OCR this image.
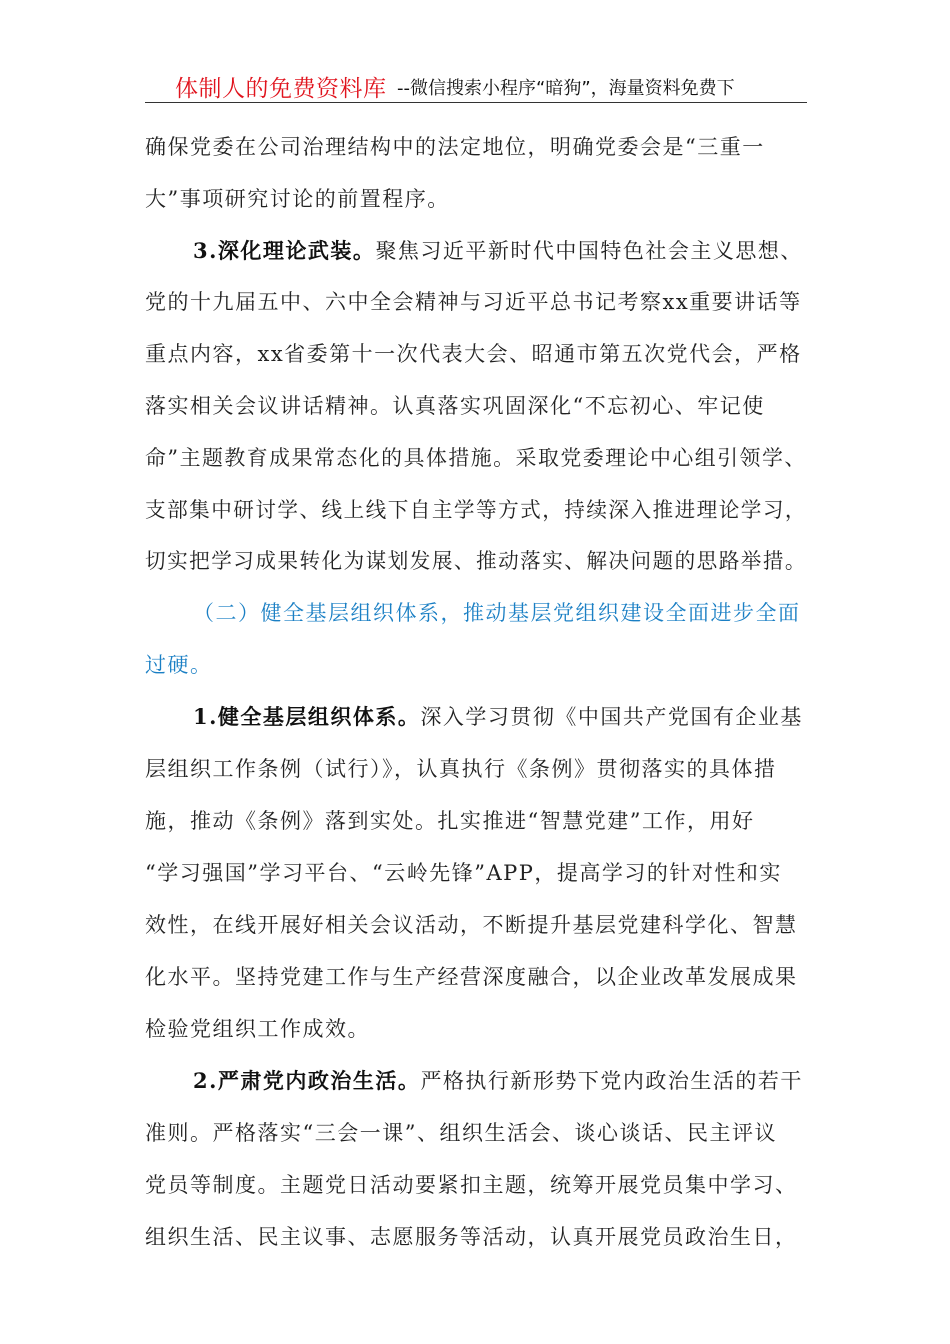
体制人的免费资料库 --微信搜索小程序“暗狗”，海量资料免费下
确保党委在公司治理结构中的法定地位，明确党委会是“三重一
大”事项研究讨论的前置程序。
3.深化理论武装。聚焦习近平新时代中国特色社会主义思想、
党的十九届五中、六中全会精神与习近平总书记考察xx重要讲话等
重点内容，xx省委第十一次代表大会、昭通市第五次党代会，严格
落实相关会议讲话精神。认真落实巩固深化“不忘初心、牢记使
命”主题教育成果常态化的具体措施。采取党委理论中心组引领学、
支部集中研讨学、线上线下自主学等方式，持续深入推进理论学习，
切实把学习成果转化为谋划发展、推动落实、解决问题的思路举措。
（二）健全基层组织体系，推动基层党组织建设全面进步全面
过硬。
1.健全基层组织体系。深入学习贯彻《中国共产党国有企业基
层组织工作条例（试行）》，认真执行《条例》贯彻落实的具体措
施，推动《条例》落到实处。扎实推进“智慧党建”工作，用好
“学习强国”学习平台、“云岭先锋”APP，提高学习的针对性和实
效性，在线开展好相关会议活动，不断提升基层党建科学化、智慧
化水平。坚持党建工作与生产经营深度融合，以企业改革发展成果
检验党组织工作成效。
2.严肃党内政治生活。严格执行新形势下党内政治生活的若干
准则。严格落实“三会一课”、组织生活会、谈心谈话、民主评议
党员等制度。主题党日活动要紧扣主题，统筹开展党员集中学习、
组织生活、民主议事、志愿服务等活动，认真开展党员政治生日，
